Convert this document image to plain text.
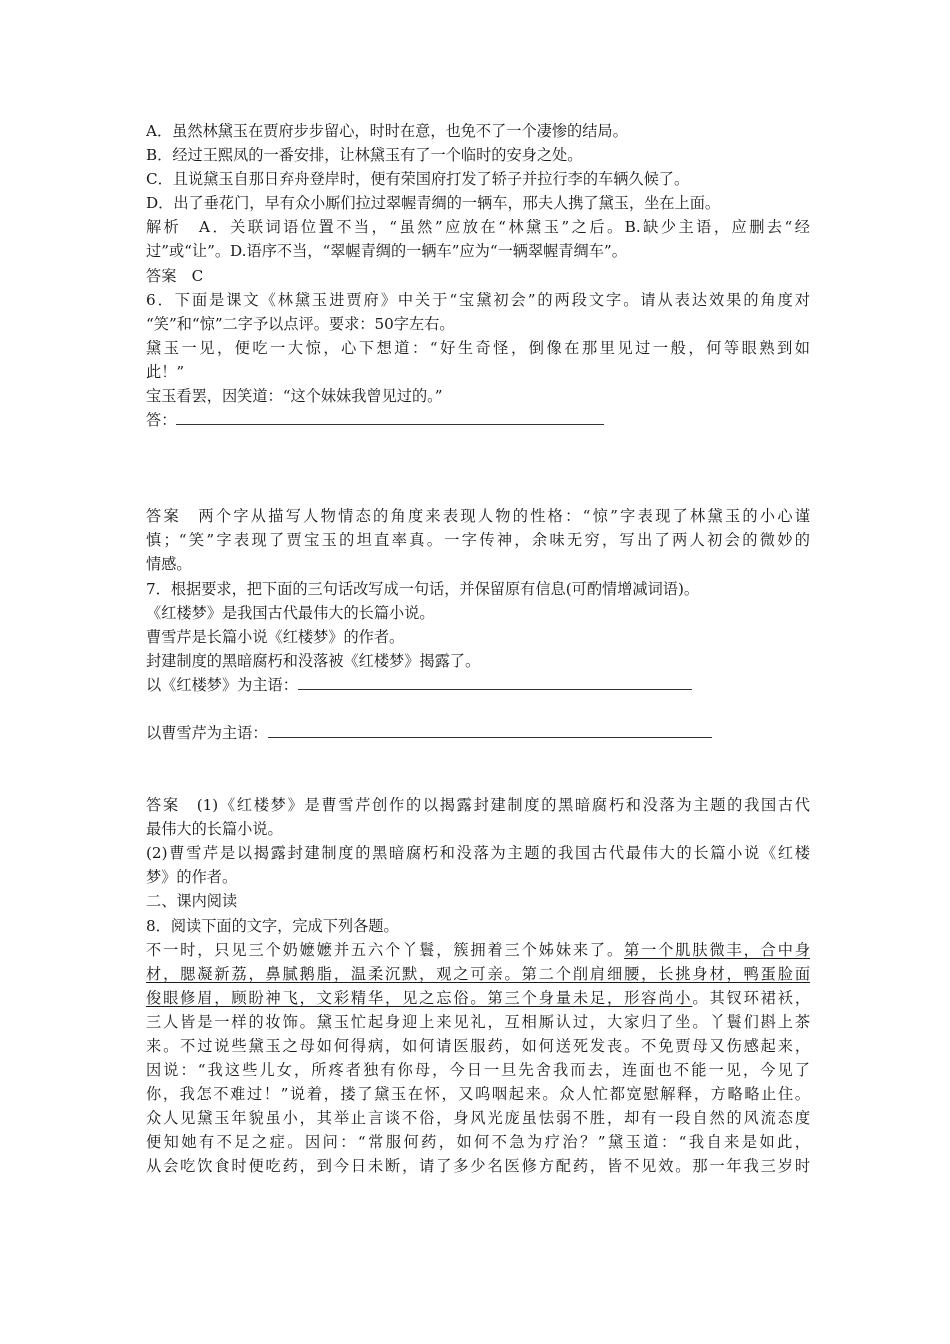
A．虽然林黛玉在贾府步步留心，时时在意，也免不了一个凄惨的结局。
B．经过王熙凤的一番安排，让林黛玉有了一个临时的安身之处。
C．且说黛玉自那日弃舟登岸时，便有荣国府打发了轿子并拉行李的车辆久候了。
D．出了垂花门，早有众小厮们拉过翠幄青绸的一辆车，邢夫人携了黛玉，坐在上面。
解析　A．关联词语位置不当，“虽然”应放在“林黛玉”之后。B.缺少主语，应删去“经
过”或“让”。D.语序不当，“翠幄青绸的一辆车”应为“一辆翠幄青绸车”。
答案　C
6．下面是课文《林黛玉进贾府》中关于“宝黛初会”的两段文字。请从表达效果的角度对
“笑”和“惊”二字予以点评。要求：50字左右。
黛玉一见，便吃一大惊，心下想道：“好生奇怪，倒像在那里见过一般，何等眼熟到如
此！”
宝玉看罢，因笑道：“这个妹妹我曾见过的。”
答：
答案　两个字从描写人物情态的角度来表现人物的性格：“惊”字表现了林黛玉的小心谨
慎；“笑”字表现了贾宝玉的坦直率真。一字传神，余味无穷，写出了两人初会的微妙的
情感。
7．根据要求，把下面的三句话改写成一句话，并保留原有信息(可酌情增减词语)。
《红楼梦》是我国古代最伟大的长篇小说。
曹雪芹是长篇小说《红楼梦》的作者。
封建制度的黑暗腐朽和没落被《红楼梦》揭露了。
以《红楼梦》为主语：
以曹雪芹为主语：
答案　(1)《红楼梦》是曹雪芹创作的以揭露封建制度的黑暗腐朽和没落为主题的我国古代
最伟大的长篇小说。
(2)曹雪芹是以揭露封建制度的黑暗腐朽和没落为主题的我国古代最伟大的长篇小说《红楼
梦》的作者。
二、课内阅读
8．阅读下面的文字，完成下列各题。
不一时，只见三个奶嬷嬷并五六个丫鬟，簇拥着三个姊妹来了。第一个肌肤微丰，合中身
材，腮凝新荔，鼻腻鹅脂，温柔沉默，观之可亲。第二个削肩细腰，长挑身材，鸭蛋脸面
俊眼修眉，顾盼神飞，文彩精华，见之忘俗。第三个身量未足，形容尚小。其钗环裙袄，
三人皆是一样的妆饰。黛玉忙起身迎上来见礼，互相厮认过，大家归了坐。丫鬟们斟上茶
来。不过说些黛玉之母如何得病，如何请医服药，如何送死发丧。不免贾母又伤感起来，
因说：“我这些儿女，所疼者独有你母，今日一旦先舍我而去，连面也不能一见，今见了
你，我怎不难过！”说着，搂了黛玉在怀，又呜咽起来。众人忙都宽慰解释，方略略止住。
众人见黛玉年貌虽小，其举止言谈不俗，身风光庞虽怯弱不胜，却有一段自然的风流态度
便知她有不足之症。因问：“常服何药，如何不急为疗治？”黛玉道：“我自来是如此，
从会吃饮食时便吃药，到今日未断，请了多少名医修方配药，皆不见效。那一年我三岁时
